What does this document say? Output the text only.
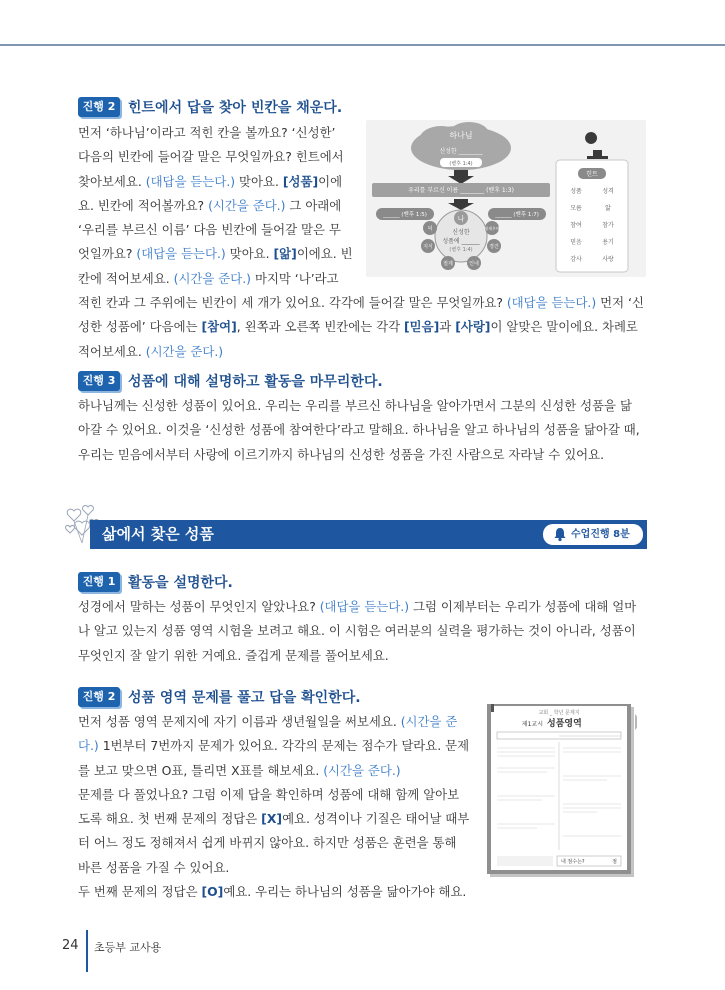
진행 2 힌트에서 답을 찾아 빈칸을 채운다.

먼저 ‘하나님’이라고 적힌 칸을 볼까요? ‘신성한’

다음의 빈칸에 들어갈 말은 무엇일까요? 힌트에서

찾아보세요. (대답을 듣는다.) 맞아요. [성품]이에

요. 빈칸에 적어볼까요? (시간을 준다.) 그 아래에

‘우리를 부르신 이름’ 다음 빈칸에 들어갈 말은 무

엇일까요? (대답을 듣는다.) 맞아요. [앎]이에요. 빈

칸에 적어보세요. (시간을 준다.) 마지막 ‘나’라고

적힌 칸과 그 주위에는 빈칸이 세 개가 있어요. 각각에 들어갈 말은 무엇일까요? (대답을 듣는다.) 먼저 ‘신

성한 성품에’ 다음에는 [참여], 왼쪽과 오른쪽 빈칸에는 각각 [믿음]과 [사랑]이 알맞은 말이에요. 차례로

적어보세요. (시간을 준다.)

하나님
신성한 ________
(벧후 1:4)
우리를 부르신 이름 ________ (벧후 1:3)
______ (벧후 1:5)	______ (벧후 1:7)
나
신성한
성품에 ______
(벧후 1:4)
덕
지식
절제	인내
경건
형제우애
힌트
성품	성격
모름	앎
참여	참가
믿음	용기
감사	사랑
진행 3 성품에 대해 설명하고 활동을 마무리한다.

하나님께는 신성한 성품이 있어요. 우리는 우리를 부르신 하나님을 알아가면서 그분의 신성한 성품을 닮

아갈 수 있어요. 이것을 ‘신성한 성품에 참여한다’라고 말해요. 하나님을 알고 하나님의 성품을 닮아갈 때,

우리는 믿음에서부터 사랑에 이르기까지 하나님의 신성한 성품을 가진 사람으로 자라날 수 있어요.

삶에서 찾은 성품	수업진행 8분
진행 1 활동을 설명한다.

성경에서 말하는 성품이 무엇인지 알았나요? (대답을 듣는다.) 그럼 이제부터는 우리가 성품에 대해 얼마

나 알고 있는지 성품 영역 시험을 보려고 해요. 이 시험은 여러분의 실력을 평가하는 것이 아니라, 성품이

무엇인지 잘 알기 위한 거예요. 즐겁게 문제를 풀어보세요.

진행 2 성품 영역 문제를 풀고 답을 확인한다.

먼저 성품 영역 문제지에 자기 이름과 생년월일을 써보세요. (시간을 준

다.) 1번부터 7번까지 문제가 있어요. 각각의 문제는 점수가 달라요. 문제

를 보고 맞으면 O표, 틀리면 X표를 해보세요. (시간을 준다.)

문제를 다 풀었나요? 그럼 이제 답을 확인하며 성품에 대해 함께 알아보

도록 해요. 첫 번째 문제의 정답은 [X]예요. 성격이나 기질은 태어날 때부

터 어느 정도 정해져서 쉽게 바뀌지 않아요. 하지만 성품은 훈련을 통해

바른 성품을 가질 수 있어요.

두 번째 문제의 정답은 [O]예요. 우리는 하나님의 성품을 닮아가야 해요.

교회 _ 학년 문제지
제1교시 성품영역
내 점수는?	점
24 초등부 교사용
